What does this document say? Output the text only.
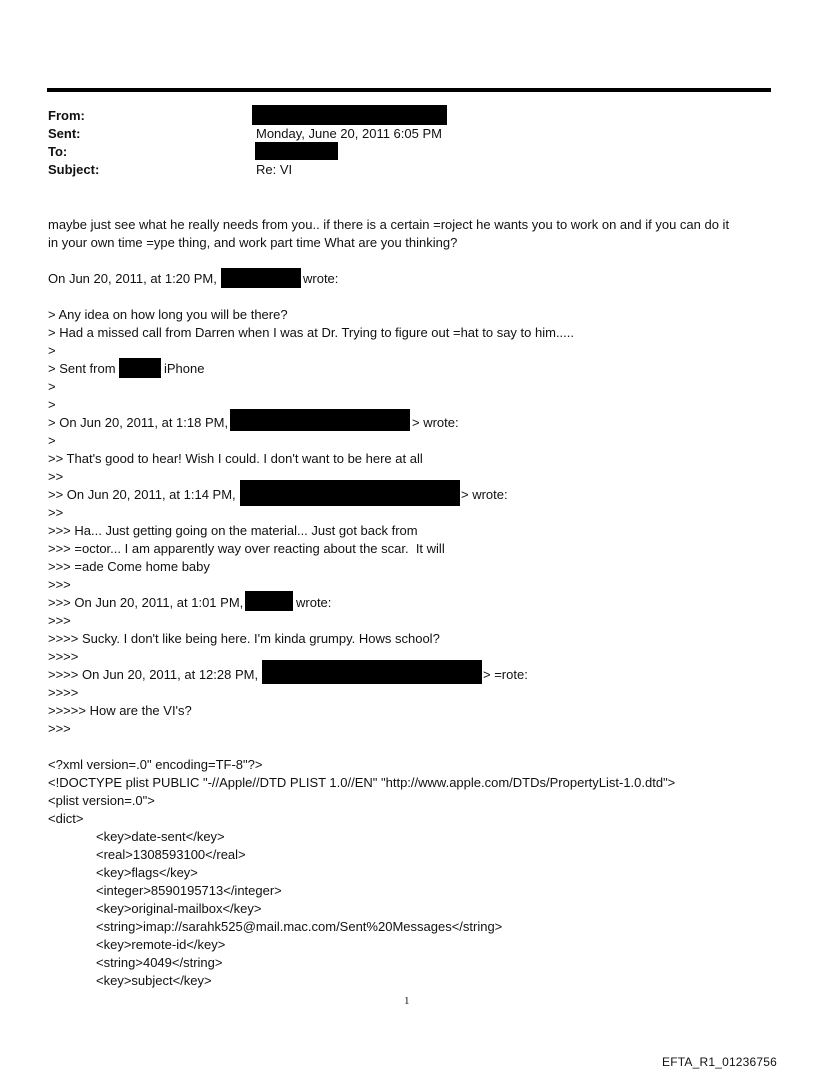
From:
Sent:	Monday, June 20, 2011 6:05 PM
To:
Subject:	Re: VI
maybe just see what he really needs from you.. if there is a certain =roject he wants you to work on and if you can do it
in your own time =ype thing, and work part time What are you thinking?
On Jun 20, 2011, at 1:20 PM,	wrote:
> Any idea on how long you will be there?
> Had a missed call from Darren when I was at Dr. Trying to figure out =hat to say to him.....
>
> Sent from	iPhone
>
>
> On Jun 20, 2011, at 1:18 PM,	> wrote:
>
>> That's good to hear! Wish I could. I don't want to be here at all
>>
>> On Jun 20, 2011, at 1:14 PM,	> wrote:
>>
>>> Ha... Just getting going on the material... Just got back from
>>> =octor... I am apparently way over reacting about the scar.  It will
>>> =ade Come home baby
>>>
>>> On Jun 20, 2011, at 1:01 PM,	wrote:
>>>
>>>> Sucky. I don't like being here. I'm kinda grumpy. Hows school?
>>>>
>>>> On Jun 20, 2011, at 12:28 PM,	> =rote:
>>>>
>>>>> How are the VI's?
>>>
<?xml version=.0" encoding=TF-8"?>
<!DOCTYPE plist PUBLIC "-//Apple//DTD PLIST 1.0//EN" "http://www.apple.com/DTDs/PropertyList-1.0.dtd">
<plist version=.0">
<dict>
<key>date-sent</key>
<real>1308593100</real>
<key>flags</key>
<integer>8590195713</integer>
<key>original-mailbox</key>
<string>imap://sarahk525@mail.mac.com/Sent%20Messages</string>
<key>remote-id</key>
<string>4049</string>
<key>subject</key>
1
EFTA_R1_01236756
